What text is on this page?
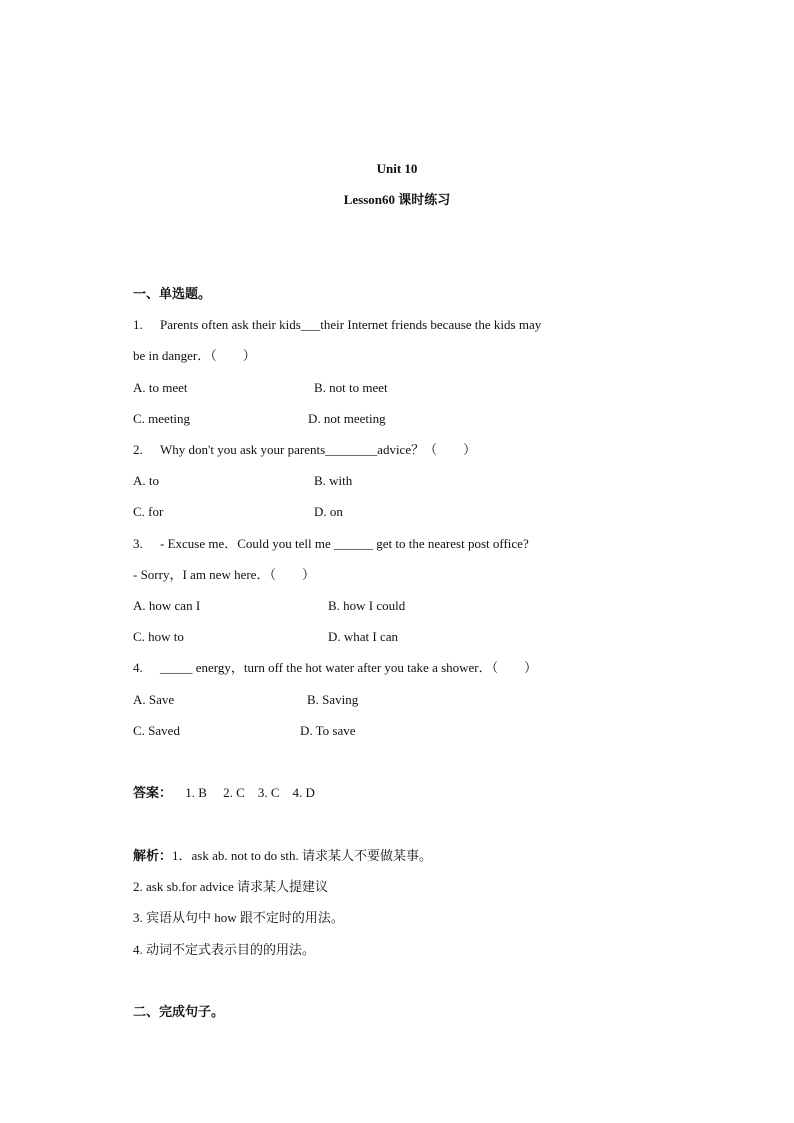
Unit 10
Lesson60 课时练习
一、单选题。
1. Parents often ask their kids___their Internet friends because the kids may
be in danger．（　　）
A. to meet	B. not to meet
C. meeting	D. not meeting
2. Why don't you ask your parents________advice？（　　）
A. to	B. with
C. for	D. on
3. - Excuse me．Could you tell me ______ get to the nearest post office?
- Sorry，I am new here．（　　）
A. how can I	B. how I could
C. how to	D. what I can
4. _____ energy，turn off the hot water after you take a shower．（　　）
A. Save	B. Saving
C. Saved	D. To save
答案： 1. B　 2. C　3. C　4. D
解析：1．ask ab. not to do sth. 请求某人不要做某事。
2. ask sb.for advice 请求某人提建议
3. 宾语从句中 how 跟不定时的用法。
4. 动词不定式表示目的的用法。
二、完成句子。
